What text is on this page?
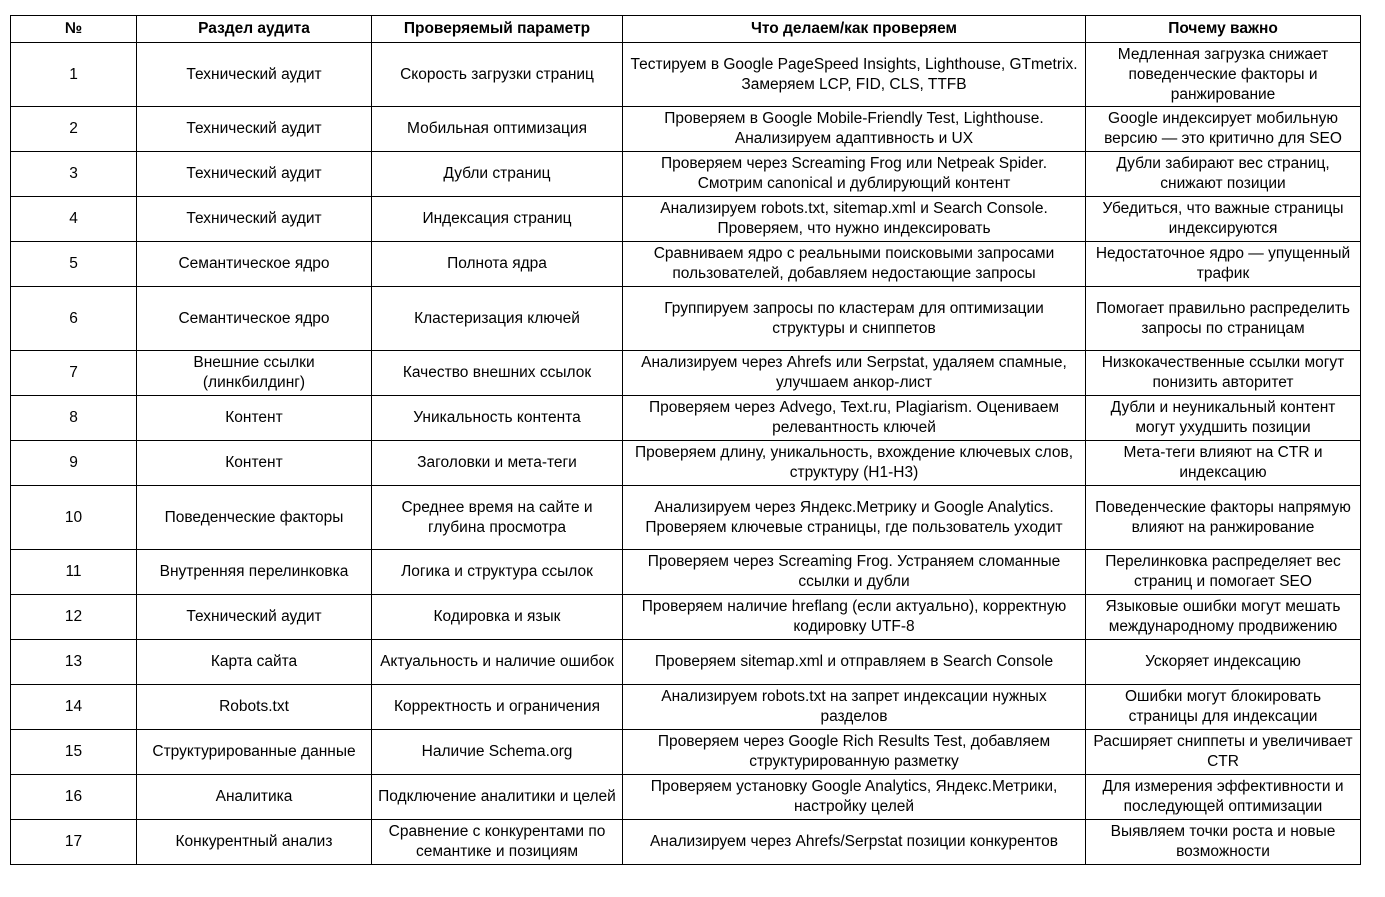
№	Раздел аудита	Проверяемый параметр	Что делаем/как проверяем	Почему важно
1	Технический аудит	Скорость загрузки страниц	Тестируем в Google PageSpeed Insights, Lighthouse, GTmetrix. Замеряем LCP, FID, CLS, TTFB	Медленная загрузка снижает поведенческие факторы и ранжирование
2	Технический аудит	Мобильная оптимизация	Проверяем в Google Mobile-Friendly Test, Lighthouse. Анализируем адаптивность и UX	Google индексирует мобильную версию — это критично для SEO
3	Технический аудит	Дубли страниц	Проверяем через Screaming Frog или Netpeak Spider. Смотрим canonical и дублирующий контент	Дубли забирают вес страниц, снижают позиции
4	Технический аудит	Индексация страниц	Анализируем robots.txt, sitemap.xml и Search Console. Проверяем, что нужно индексировать	Убедиться, что важные страницы индексируются
5	Семантическое ядро	Полнота ядра	Сравниваем ядро с реальными поисковыми запросами пользователей, добавляем недостающие запросы	Недостаточное ядро — упущенный трафик
6	Семантическое ядро	Кластеризация ключей	Группируем запросы по кластерам для оптимизации структуры и сниппетов	Помогает правильно распределить запросы по страницам
7	Внешние ссылки (линкбилдинг)	Качество внешних ссылок	Анализируем через Ahrefs или Serpstat, удаляем спамные, улучшаем анкор-лист	Низкокачественные ссылки могут понизить авторитет
8	Контент	Уникальность контента	Проверяем через Advego, Text.ru, Plagiarism. Оцениваем релевантность ключей	Дубли и неуникальный контент могут ухудшить позиции
9	Контент	Заголовки и мета-теги	Проверяем длину, уникальность, вхождение ключевых слов, структуру (H1-H3)	Мета-теги влияют на CTR и индексацию
10	Поведенческие факторы	Среднее время на сайте и глубина просмотра	Анализируем через Яндекс.Метрику и Google Analytics. Проверяем ключевые страницы, где пользователь уходит	Поведенческие факторы напрямую влияют на ранжирование
11	Внутренняя перелинковка	Логика и структура ссылок	Проверяем через Screaming Frog. Устраняем сломанные ссылки и дубли	Перелинковка распределяет вес страниц и помогает SEO
12	Технический аудит	Кодировка и язык	Проверяем наличие hreflang (если актуально), корректную кодировку UTF-8	Языковые ошибки могут мешать международному продвижению
13	Карта сайта	Актуальность и наличие ошибок	Проверяем sitemap.xml и отправляем в Search Console	Ускоряет индексацию
14	Robots.txt	Корректность и ограничения	Анализируем robots.txt на запрет индексации нужных разделов	Ошибки могут блокировать страницы для индексации
15	Структурированные данные	Наличие Schema.org	Проверяем через Google Rich Results Test, добавляем структурированную разметку	Расширяет сниппеты и увеличивает CTR
16	Аналитика	Подключение аналитики и целей	Проверяем установку Google Analytics, Яндекс.Метрики, настройку целей	Для измерения эффективности и последующей оптимизации
17	Конкурентный анализ	Сравнение с конкурентами по семантике и позициям	Анализируем через Ahrefs/Serpstat позиции конкурентов	Выявляем точки роста и новые возможности
